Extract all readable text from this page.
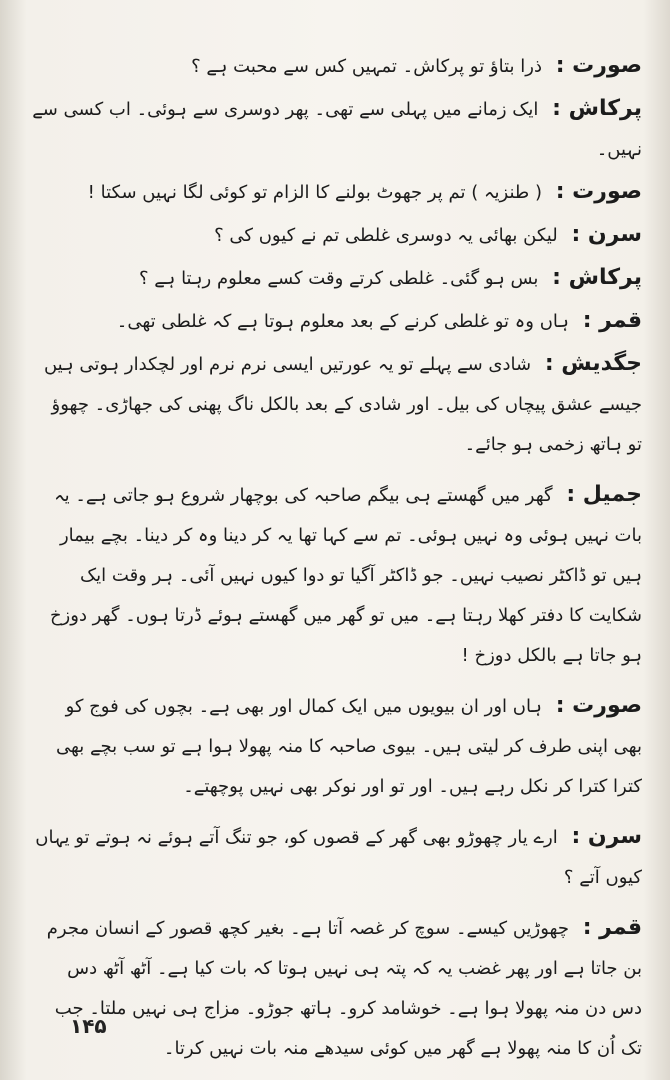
صورت : ذرا بتاؤ تو پرکاش۔ تمہیں کس سے محبت ہے ؟

پرکاش : ایک زمانے میں پہلی سے تھی۔ پھر دوسری سے ہوئی۔ اب کسی سے نہیں۔

صورت : ( طنزیہ ) تم پر جھوٹ بولنے کا الزام تو کوئی لگا نہیں سکتا !

سرن : لیکن بھائی یہ دوسری غلطی تم نے کیوں کی ؟

پرکاش : بس ہو گئی۔ غلطی کرتے وقت کسے معلوم رہتا ہے ؟

قمر : ہاں وہ تو غلطی کرنے کے بعد معلوم ہوتا ہے کہ غلطی تھی۔

جگدیش : شادی سے پہلے تو یہ عورتیں ایسی نرم نرم اور لچکدار ہوتی ہیں جیسے عشق پیچاں کی بیل۔ اور شادی کے بعد بالکل ناگ پھنی کی جھاڑی۔ چھوؤ تو ہاتھ زخمی ہو جائے۔

جمیل : گھر میں گھستے ہی بیگم صاحبہ کی بوچھار شروع ہو جاتی ہے۔ یہ بات نہیں ہوئی وہ نہیں ہوئی۔ تم سے کہا تھا یہ کر دینا وہ کر دینا۔ بچے بیمار ہیں تو ڈاکٹر نصیب نہیں۔ جو ڈاکٹر آگیا تو دوا کیوں نہیں آئی۔ ہر وقت ایک شکایت کا دفتر کھلا رہتا ہے۔ میں تو گھر میں گھستے ہوئے ڈرتا ہوں۔ گھر دوزخ ہو جاتا ہے بالکل دوزخ !

صورت : ہاں اور ان بیویوں میں ایک کمال اور بھی ہے۔ بچوں کی فوج کو بھی اپنی طرف کر لیتی ہیں۔ بیوی صاحبہ کا منہ پھولا ہوا ہے تو سب بچے بھی کترا کترا کر نکل رہے ہیں۔ اور تو اور نوکر بھی نہیں پوچھتے۔

سرن : ارے یار چھوڑو بھی گھر کے قصوں کو، جو تنگ آتے ہوئے نہ ہوتے تو یہاں کیوں آتے ؟

قمر : چھوڑیں کیسے۔ سوچ کر غصہ آتا ہے۔ بغیر کچھ قصور کے انسان مجرم بن جاتا ہے اور پھر غضب یہ کہ پتہ ہی نہیں ہوتا کہ بات کیا ہے۔ آٹھ آٹھ دس دس دن منہ پھولا ہوا ہے۔ خوشامد کرو۔ ہاتھ جوڑو۔ مزاج ہی نہیں ملتا۔ جب تک اُن کا منہ پھولا ہے گھر میں کوئی سیدھے منہ بات نہیں کرتا۔

۱۴۵
